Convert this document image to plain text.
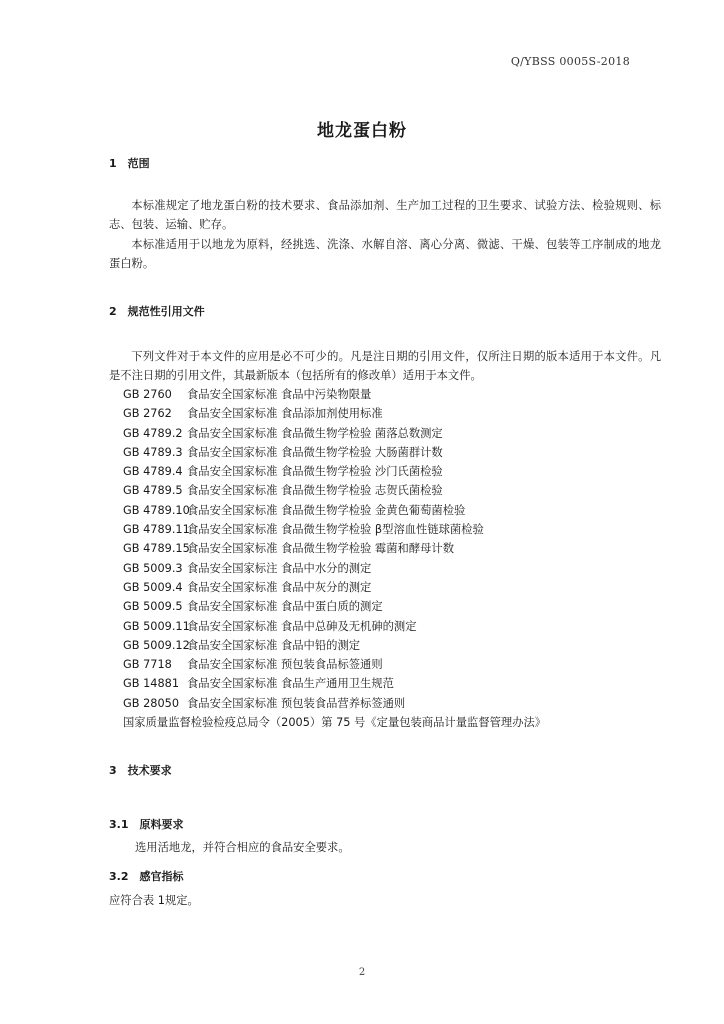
Q/YBSS 0005S-2018
地龙蛋白粉
1　范围
本标准规定了地龙蛋白粉的技术要求、食品添加剂、生产加工过程的卫生要求、试验方法、检验规则、标志、包装、运输、贮存。
本标准适用于以地龙为原料，经挑选、洗涤、水解自溶、离心分离、微滤、干燥、包装等工序制成的地龙蛋白粉。
2　规范性引用文件
下列文件对于本文件的应用是必不可少的。凡是注日期的引用文件，仅所注日期的版本适用于本文件。凡是不注日期的引用文件，其最新版本（包括所有的修改单）适用于本文件。
GB 2760 食品安全国家标准 食品中污染物限量
GB 2762 食品安全国家标准 食品添加剂使用标准
GB 4789.2 食品安全国家标准 食品微生物学检验 菌落总数测定
GB 4789.3 食品安全国家标准 食品微生物学检验 大肠菌群计数
GB 4789.4 食品安全国家标准 食品微生物学检验 沙门氏菌检验
GB 4789.5 食品安全国家标准 食品微生物学检验 志贺氏菌检验
GB 4789.10食品安全国家标准 食品微生物学检验 金黄色葡萄菌检验
GB 4789.11食品安全国家标准 食品微生物学检验 β型溶血性链球菌检验
GB 4789.15食品安全国家标准 食品微生物学检验 霉菌和酵母计数
GB 5009.3 食品安全国家标注 食品中水分的测定
GB 5009.4 食品安全国家标准 食品中灰分的测定
GB 5009.5 食品安全国家标准 食品中蛋白质的测定
GB 5009.11食品安全国家标准 食品中总砷及无机砷的测定
GB 5009.12食品安全国家标准 食品中铅的测定
GB 7718 食品安全国家标准 预包装食品标签通则
GB 14881 食品安全国家标准 食品生产通用卫生规范
GB 28050 食品安全国家标准 预包装食品营养标签通则
国家质量监督检验检疫总局令（2005）第 75 号《定量包装商品计量监督管理办法》
3　技术要求
3.1　原料要求
选用活地龙，并符合相应的食品安全要求。
3.2　感官指标
应符合表 1规定。
2
